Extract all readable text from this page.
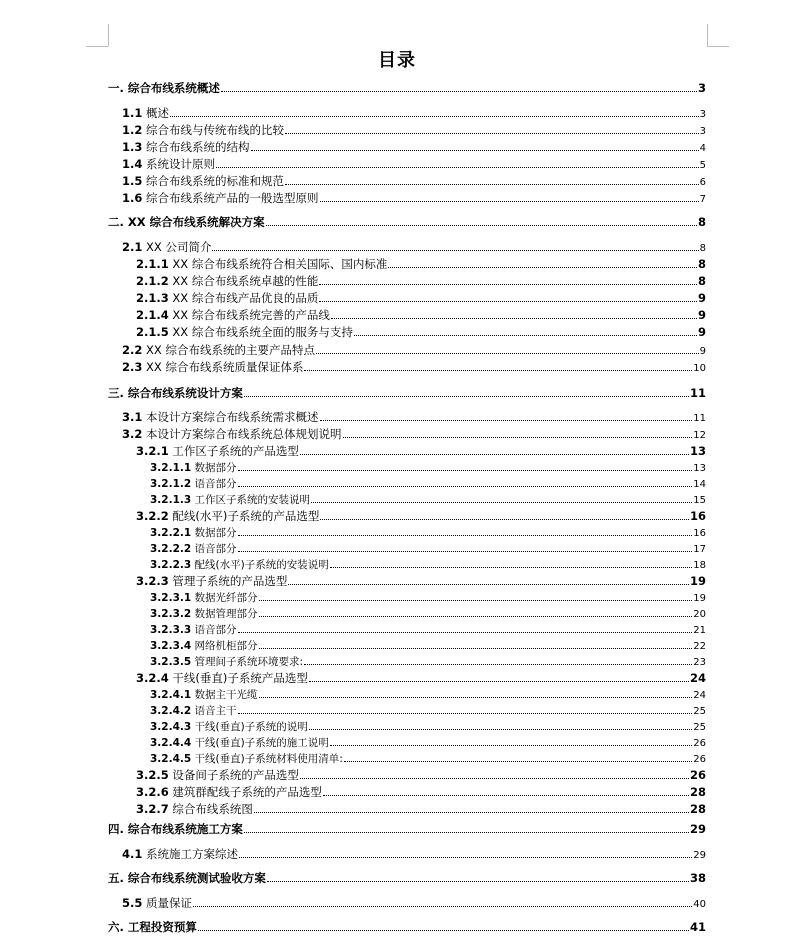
目录
一. 综合布线系统概述	3
1.1 概述	3
1.2 综合布线与传统布线的比较	3
1.3 综合布线系统的结构	4
1.4 系统设计原则	5
1.5 综合布线系统的标准和规范	6
1.6 综合布线系统产品的一般选型原则	7
二. XX 综合布线系统解决方案	8
2.1 XX 公司简介	8
2.1.1 XX 综合布线系统符合相关国际、国内标准	8
2.1.2 XX 综合布线系统卓越的性能	8
2.1.3 XX 综合布线产品优良的品质	9
2.1.4 XX 综合布线系统完善的产品线	9
2.1.5 XX 综合布线系统全面的服务与支持	9
2.2 XX 综合布线系统的主要产品特点	9
2.3 XX 综合布线系统质量保证体系	10
三. 综合布线系统设计方案	11
3.1 本设计方案综合布线系统需求概述	11
3.2 本设计方案综合布线系统总体规划说明	12
3.2.1 工作区子系统的产品选型	13
3.2.1.1 数据部分	13
3.2.1.2 语音部分	14
3.2.1.3 工作区子系统的安装说明	15
3.2.2 配线(水平)子系统的产品选型	16
3.2.2.1 数据部分	16
3.2.2.2 语音部分	17
3.2.2.3 配线(水平)子系统的安装说明	18
3.2.3 管理子系统的产品选型	19
3.2.3.1 数据光纤部分	19
3.2.3.2 数据管理部分	20
3.2.3.3 语音部分	21
3.2.3.4 网络机柜部分	22
3.2.3.5 管理间子系统环境要求:	23
3.2.4 干线(垂直)子系统产品选型	24
3.2.4.1 数据主干光缆	24
3.2.4.2 语音主干	25
3.2.4.3 干线(垂直)子系统的说明	25
3.2.4.4 干线(垂直)子系统的施工说明	26
3.2.4.5 干线(垂直)子系统材料使用清单:	26
3.2.5 设备间子系统的产品选型	26
3.2.6 建筑群配线子系统的产品选型	28
3.2.7 综合布线系统图	28
四. 综合布线系统施工方案	29
4.1 系统施工方案综述	29
五. 综合布线系统测试验收方案	38
5.5 质量保证	40
六. 工程投资预算	41
